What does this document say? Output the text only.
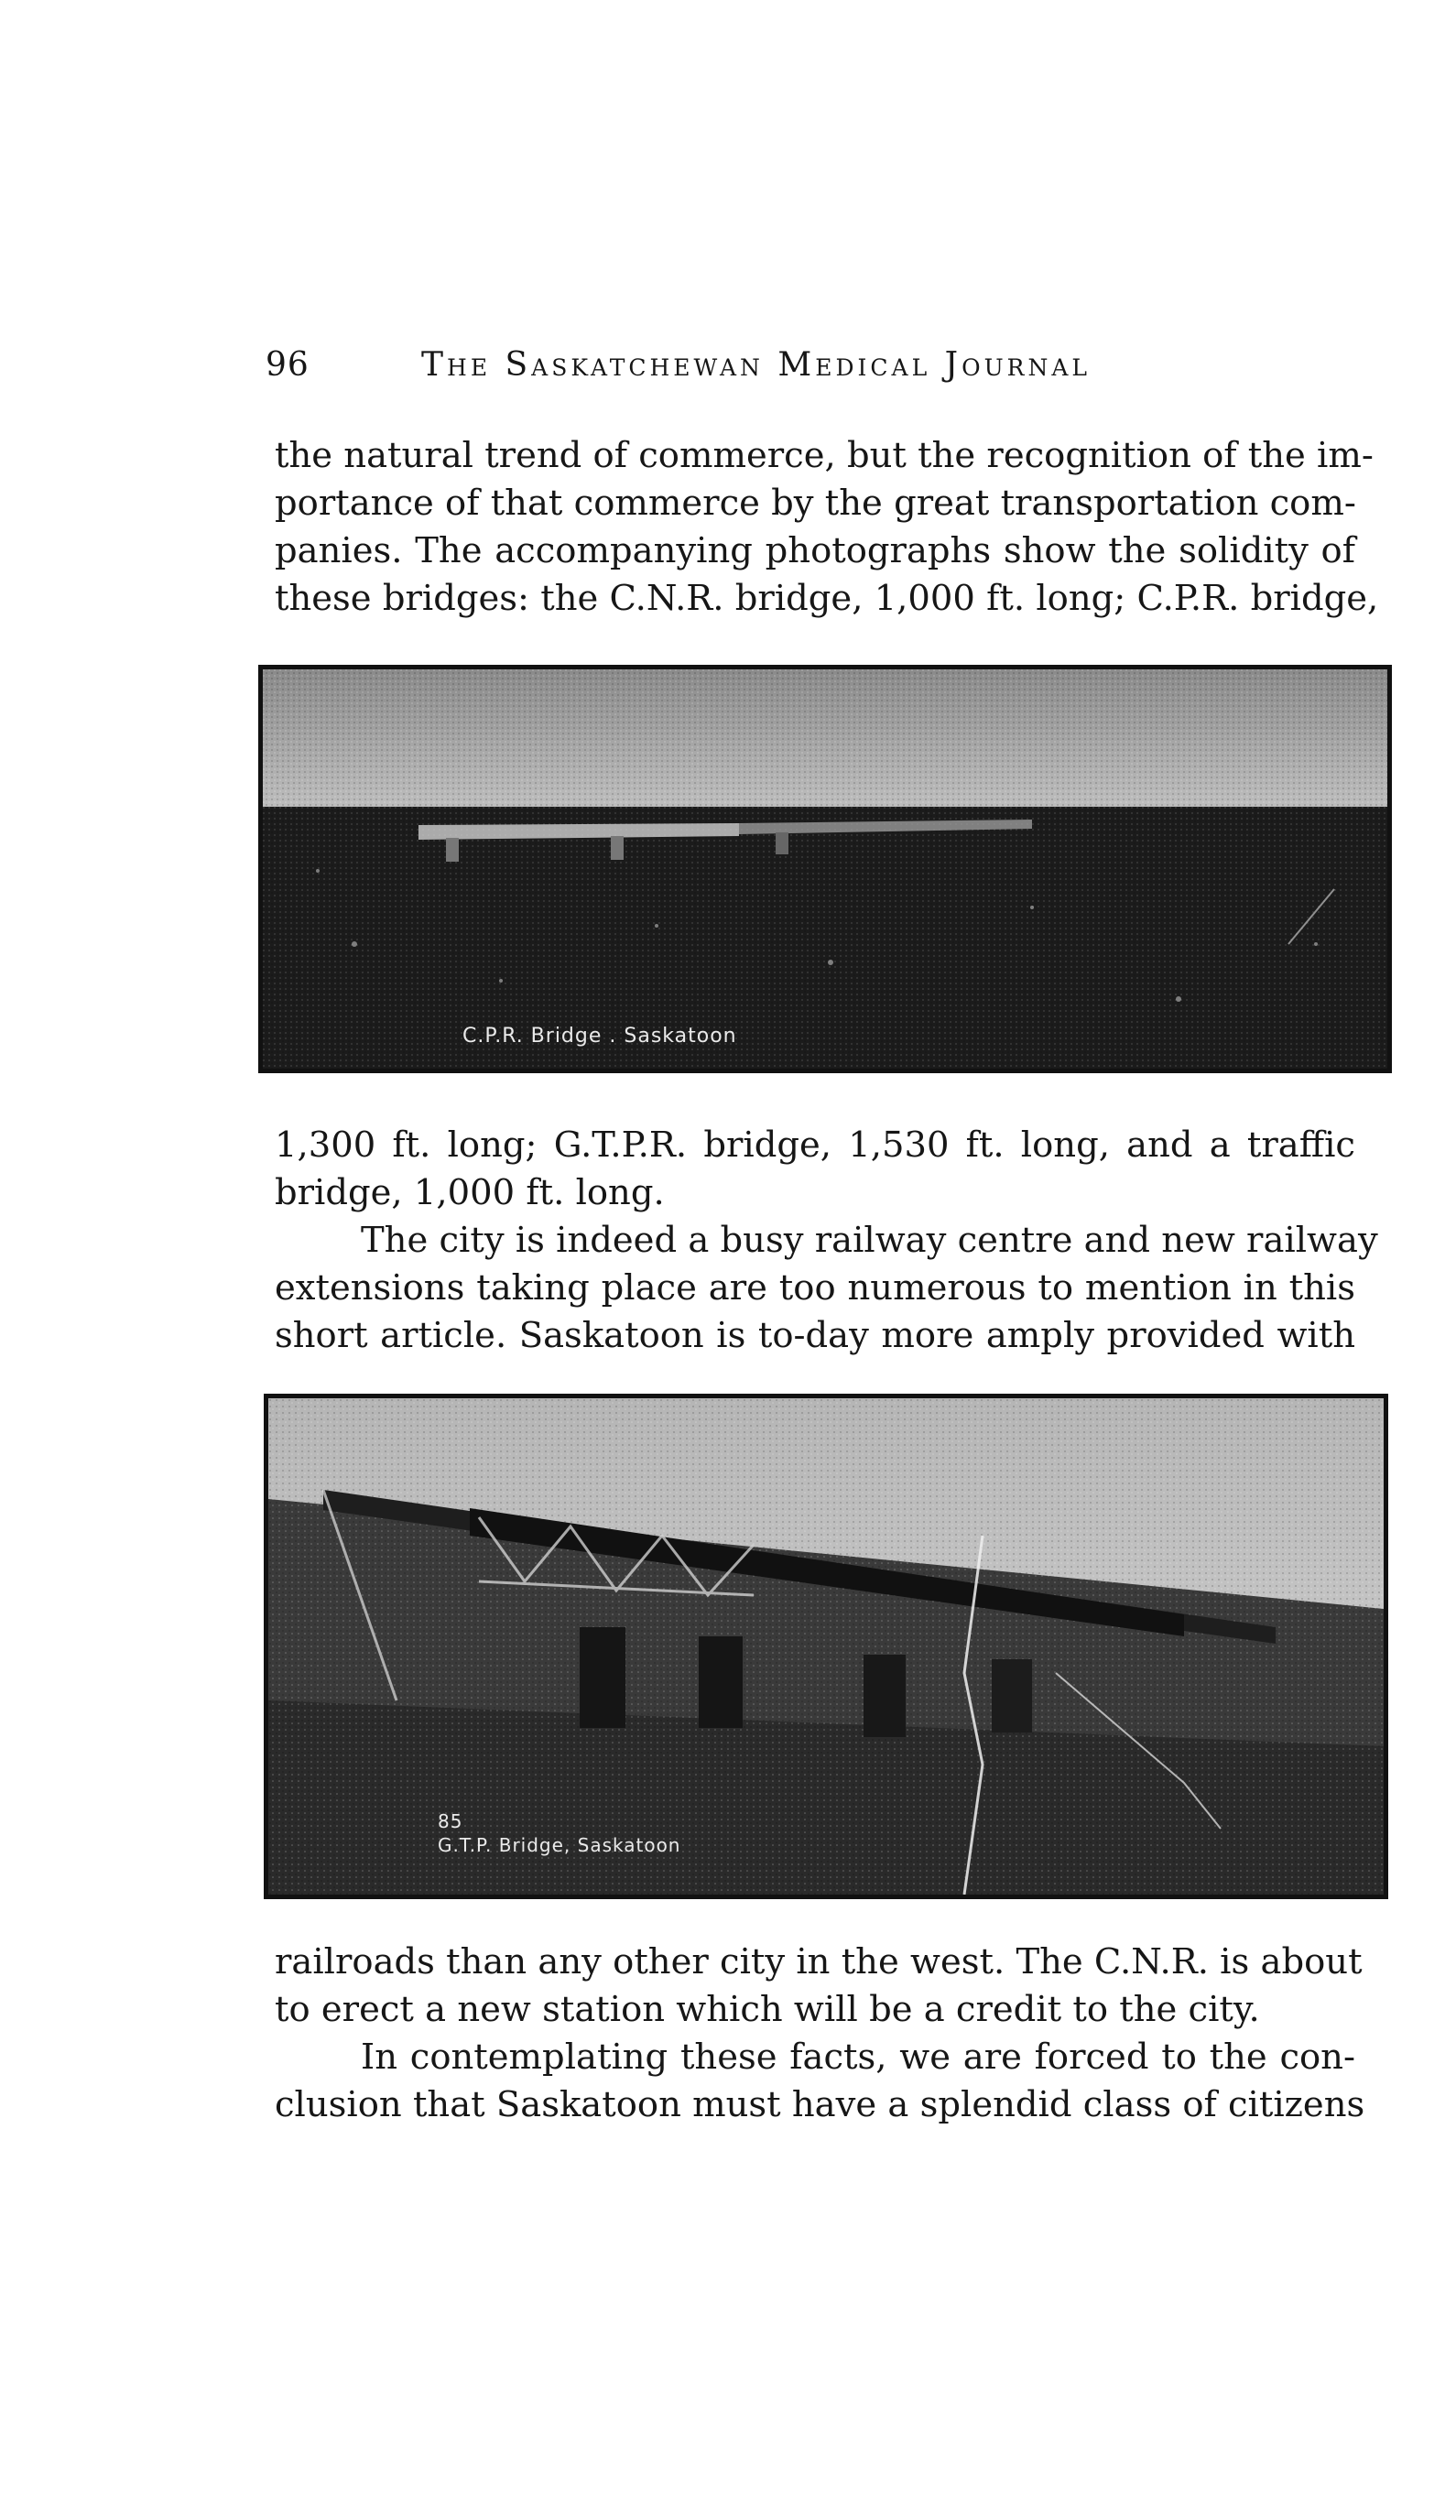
96	The Saskatchewan Medical Journal
the natural trend of commerce, but the recognition of the im-
portance of that commerce by the great transportation com-
panies. The accompanying photographs show the solidity of
these bridges: the C.N.R. bridge, 1,000 ft. long; C.P.R. bridge,
C.P.R. Bridge . Saskatoon
1,300 ft. long; G.T.P.R. bridge, 1,530 ft. long, and a traffic
bridge, 1,000 ft. long.
The city is indeed a busy railway centre and new railway
extensions taking place are too numerous to mention in this
short article. Saskatoon is to-day more amply provided with
85
G.T.P. Bridge, Saskatoon
railroads than any other city in the west. The C.N.R. is about
to erect a new station which will be a credit to the city.
In contemplating these facts, we are forced to the con-
clusion that Saskatoon must have a splendid class of citizens
